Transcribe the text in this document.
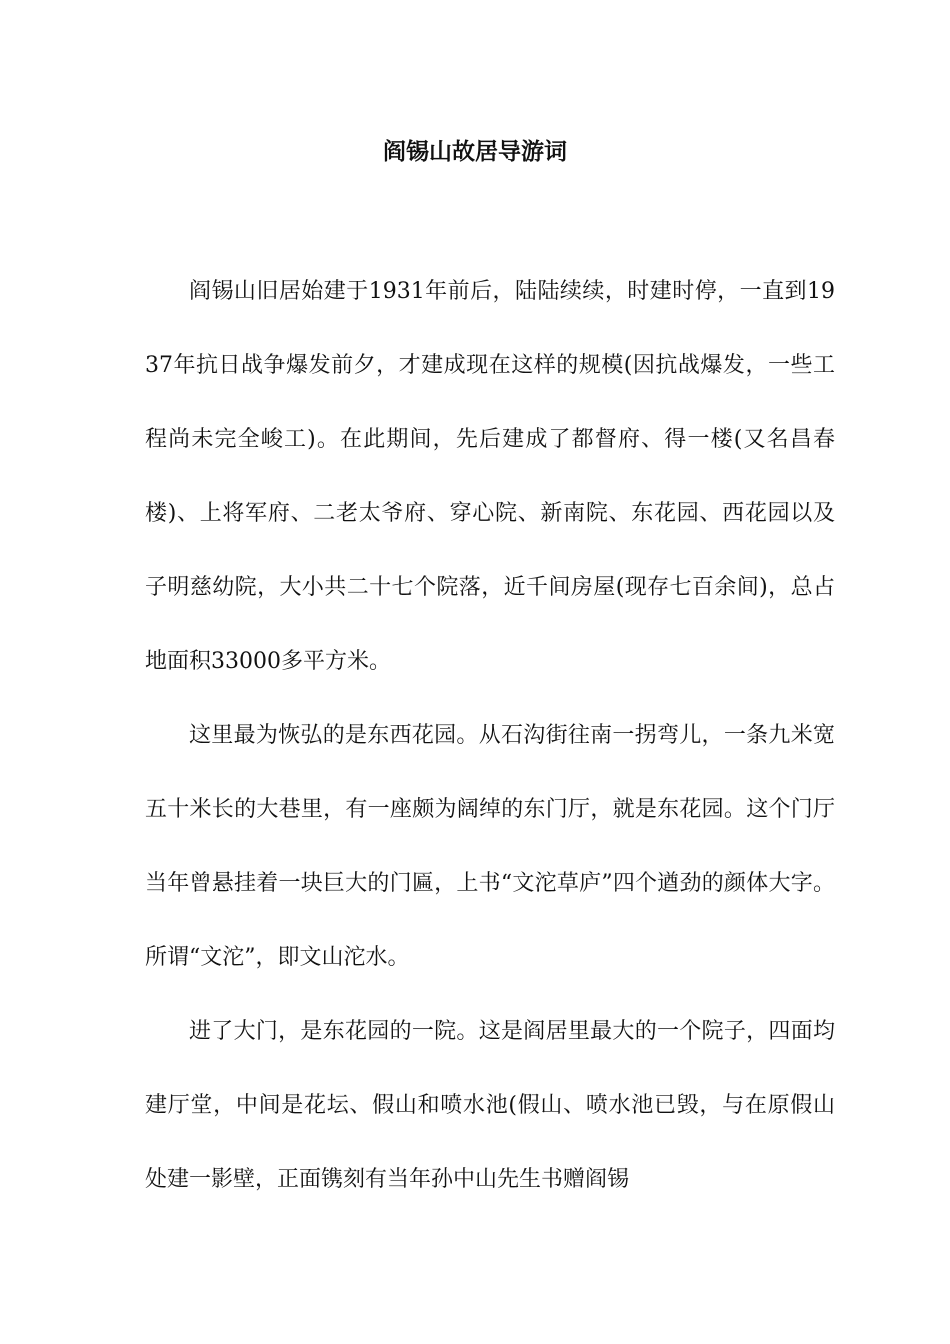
阎锡山故居导游词

阎锡山旧居始建于1931年前后，陆陆续续，时建时停，一直到1937年抗日战争爆发前夕，才建成现在这样的规模(因抗战爆发，一些工程尚未完全峻工)。在此期间，先后建成了都督府、得一楼(又名昌春楼)、上将军府、二老太爷府、穿心院、新南院、东花园、西花园以及子明慈幼院，大小共二十七个院落，近千间房屋(现存七百余间)，总占地面积33000多平方米。

这里最为恢弘的是东西花园。从石沟街往南一拐弯儿，一条九米宽五十米长的大巷里，有一座颇为阔绰的东门厅，就是东花园。这个门厅当年曾悬挂着一块巨大的门匾，上书“文沱草庐”四个遒劲的颜体大字。所谓“文沱”，即文山沱水。

进了大门，是东花园的一院。这是阎居里最大的一个院子，四面均建厅堂，中间是花坛、假山和喷水池(假山、喷水池已毁，与在原假山处建一影壁，正面镌刻有当年孙中山先生书赠阎锡
